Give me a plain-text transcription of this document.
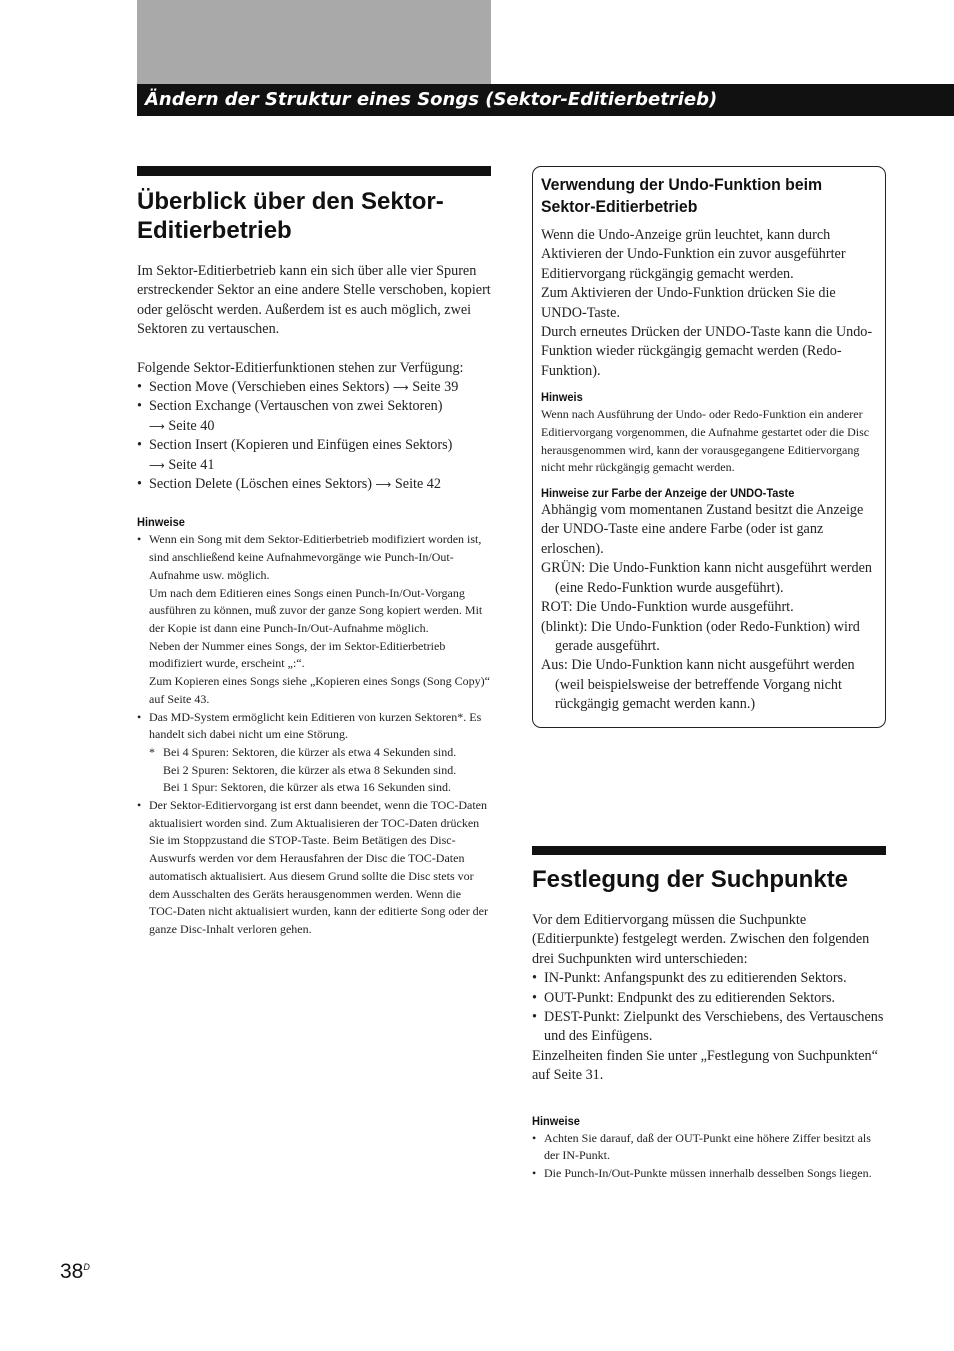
Ändern der Struktur eines Songs (Sektor-Editierbetrieb)
Überblick über den Sektor-Editierbetrieb

Im Sektor-Editierbetrieb kann ein sich über alle vier Spuren erstreckender Sektor an eine andere Stelle verschoben, kopiert oder gelöscht werden. Außerdem ist es auch möglich, zwei Sektoren zu vertauschen.

Folgende Sektor-Editierfunktionen stehen zur Verfügung:

• Section Move (Verschieben eines Sektors) ⟶ Seite 39
• Section Exchange (Vertauschen von zwei Sektoren)
⟶ Seite 40
• Section Insert (Kopieren und Einfügen eines Sektors)
⟶ Seite 41
• Section Delete (Löschen eines Sektors) ⟶ Seite 42
Hinweise
• Wenn ein Song mit dem Sektor-Editierbetrieb modifiziert worden ist, sind anschließend keine Aufnahmevorgänge wie Punch-In/Out-Aufnahme usw. möglich.
Um nach dem Editieren eines Songs einen Punch-In/Out-Vorgang ausführen zu können, muß zuvor der ganze Song kopiert werden. Mit der Kopie ist dann eine Punch-In/Out-Aufnahme möglich.
Neben der Nummer eines Songs, der im Sektor-Editierbetrieb modifiziert wurde, erscheint „:“.
Zum Kopieren eines Songs siehe „Kopieren eines Songs (Song Copy)“ auf Seite 43.
• Das MD-System ermöglicht kein Editieren von kurzen Sektoren*. Es handelt sich dabei nicht um eine Störung.
* Bei 4 Spuren: Sektoren, die kürzer als etwa 4 Sekunden sind.
Bei 2 Spuren: Sektoren, die kürzer als etwa 8 Sekunden sind.
Bei 1 Spur: Sektoren, die kürzer als etwa 16 Sekunden sind.
• Der Sektor-Editiervorgang ist erst dann beendet, wenn die TOC-Daten aktualisiert worden sind. Zum Aktualisieren der TOC-Daten drücken Sie im Stoppzustand die STOP-Taste. Beim Betätigen des Disc-Auswurfs werden vor dem Herausfahren der Disc die TOC-Daten automatisch aktualisiert. Aus diesem Grund sollte die Disc stets vor dem Ausschalten des Geräts herausgenommen werden. Wenn die TOC-Daten nicht aktualisiert wurden, kann der editierte Song oder der ganze Disc-Inhalt verloren gehen.
Verwendung der Undo-Funktion beim Sektor-Editierbetrieb

Wenn die Undo-Anzeige grün leuchtet, kann durch Aktivieren der Undo-Funktion ein zuvor ausgeführter Editiervorgang rückgängig gemacht werden.

Zum Aktivieren der Undo-Funktion drücken Sie die UNDO-Taste.

Durch erneutes Drücken der UNDO-Taste kann die Undo-Funktion wieder rückgängig gemacht werden (Redo-Funktion).

Hinweis

Wenn nach Ausführung der Undo- oder Redo-Funktion ein anderer Editiervorgang vorgenommen, die Aufnahme gestartet oder die Disc herausgenommen wird, kann der vorausgegangene Editiervorgang nicht mehr rückgängig gemacht werden.

Hinweise zur Farbe der Anzeige der UNDO-Taste

Abhängig vom momentanen Zustand besitzt die Anzeige der UNDO-Taste eine andere Farbe (oder ist ganz erloschen).

GRÜN: Die Undo-Funktion kann nicht ausgeführt werden (eine Redo-Funktion wurde ausgeführt).

ROT: Die Undo-Funktion wurde ausgeführt.

(blinkt): Die Undo-Funktion (oder Redo-Funktion) wird gerade ausgeführt.

Aus: Die Undo-Funktion kann nicht ausgeführt werden (weil beispielsweise der betreffende Vorgang nicht rückgängig gemacht werden kann.)

Festlegung der Suchpunkte

Vor dem Editiervorgang müssen die Suchpunkte (Editierpunkte) festgelegt werden. Zwischen den folgenden drei Suchpunkten wird unterschieden:

• IN-Punkt: Anfangspunkt des zu editierenden Sektors.
• OUT-Punkt: Endpunkt des zu editierenden Sektors.
• DEST-Punkt: Zielpunkt des Verschiebens, des Vertauschens und des Einfügens.

Einzelheiten finden Sie unter „Festlegung von Suchpunkten“ auf Seite 31.

Hinweise
• Achten Sie darauf, daß der OUT-Punkt eine höhere Ziffer besitzt als der IN-Punkt.
• Die Punch-In/Out-Punkte müssen innerhalb desselben Songs liegen.
$38^D$
